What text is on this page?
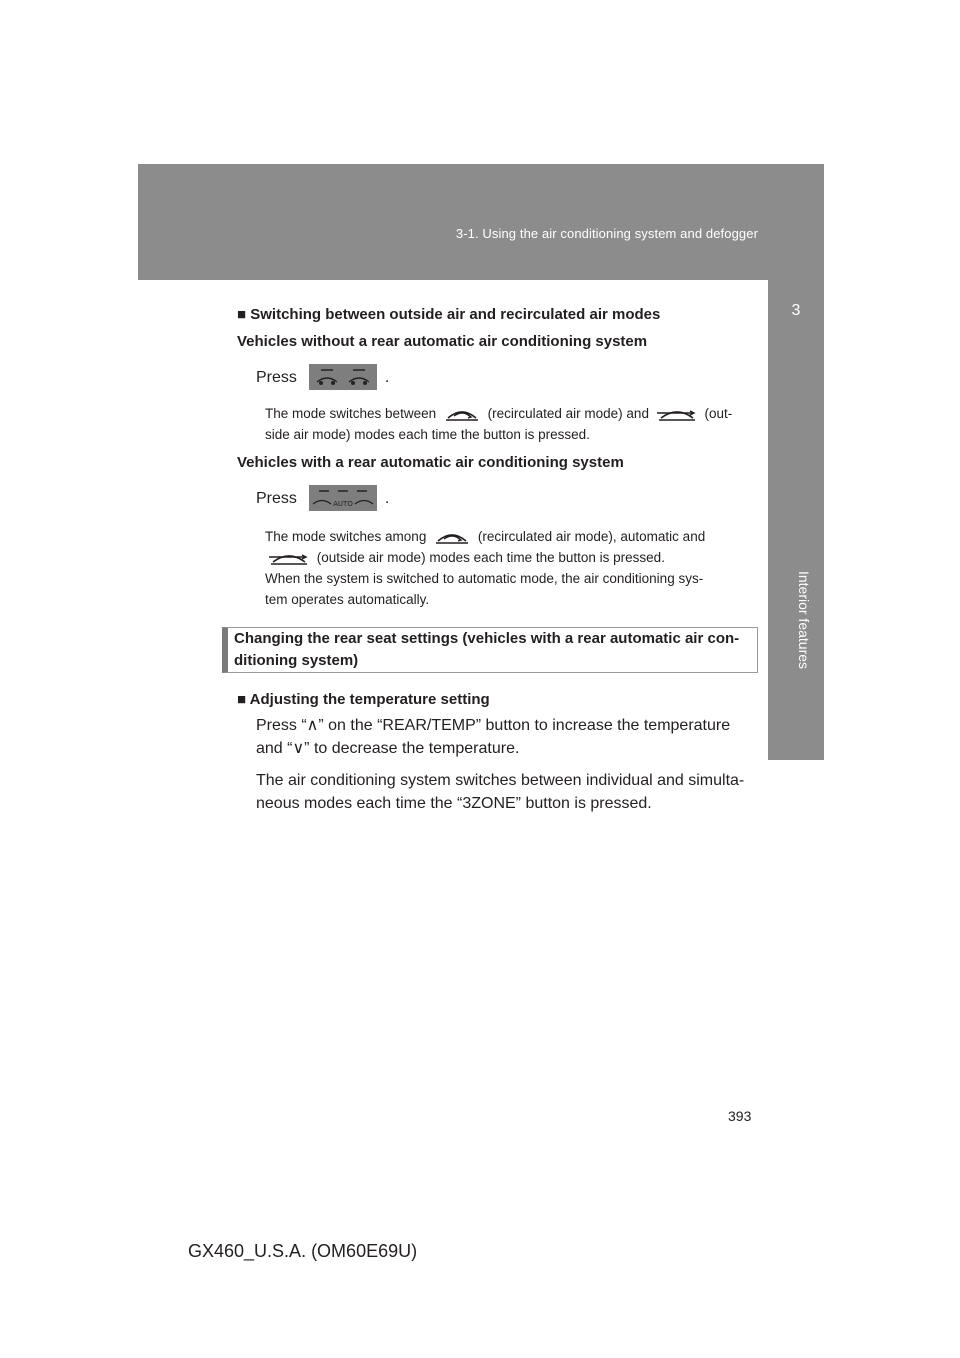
3-1. Using the air conditioning system and defogger
3
Interior features
■ Switching between outside air and recirculated air modes
Vehicles without a rear automatic air conditioning system
Press	.
The mode switches between	(recirculated air mode) and	(out-
side air mode) modes each time the button is pressed.
Vehicles with a rear automatic air conditioning system
Press	AUTO .
The mode switches among	(recirculated air mode), automatic and
(outside air mode) modes each time the button is pressed.
When the system is switched to automatic mode, the air conditioning sys-
tem operates automatically.
Changing the rear seat settings (vehicles with a rear automatic air con- ditioning system)
■ Adjusting the temperature setting
Press “∧” on the “REAR/TEMP” button to increase the temperature
and “∨” to decrease the temperature.
The air conditioning system switches between individual and simulta-
neous modes each time the “3ZONE” button is pressed.
393
GX460_U.S.A. (OM60E69U)
